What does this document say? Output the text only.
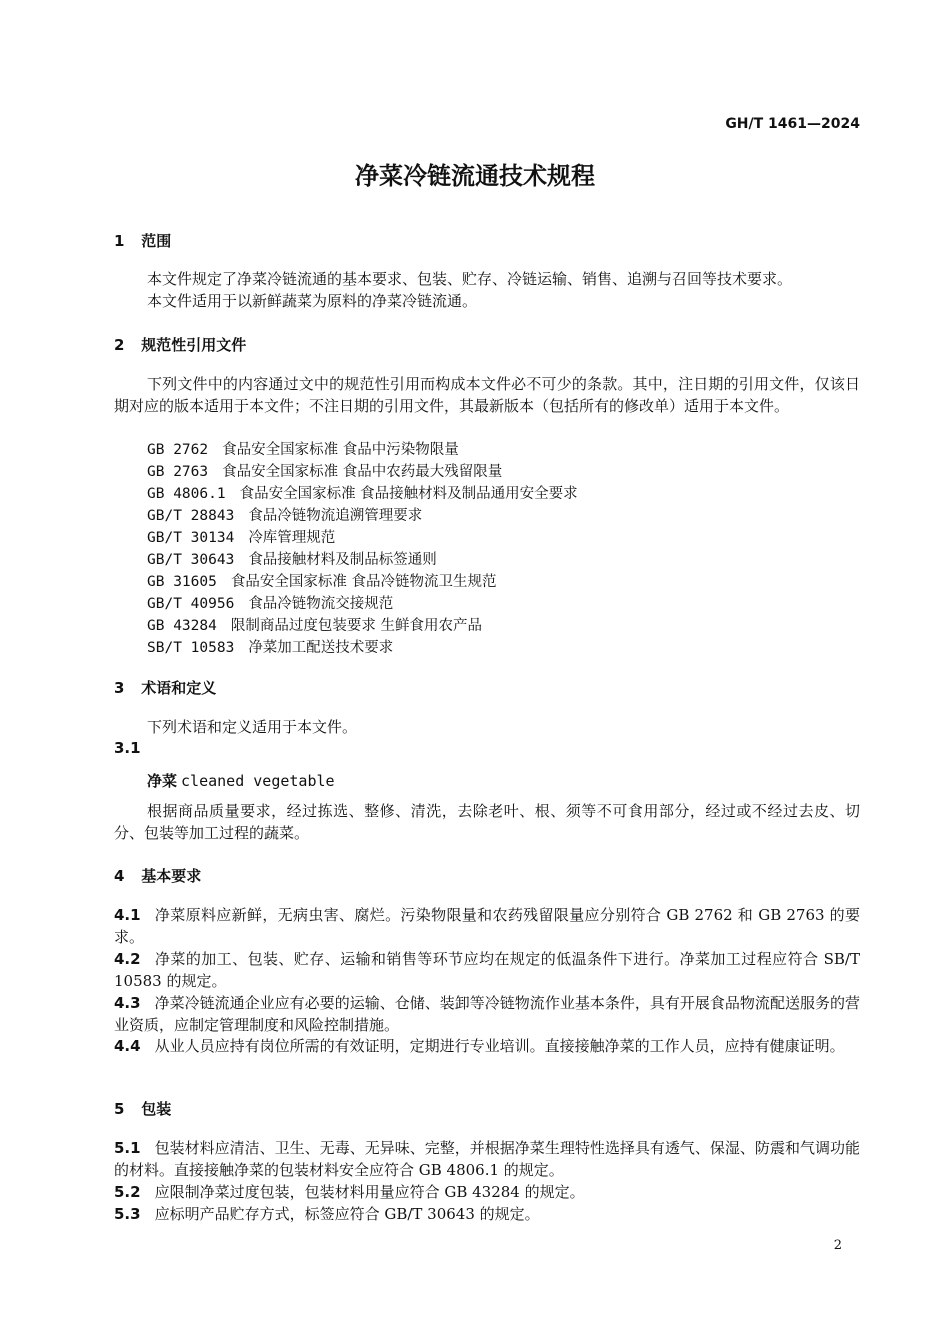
GH/T 1461—2024
净菜冷链流通技术规程
1 范围
本文件规定了净菜冷链流通的基本要求、包装、贮存、冷链运输、销售、追溯与召回等技术要求。
本文件适用于以新鲜蔬菜为原料的净菜冷链流通。
2 规范性引用文件
下列文件中的内容通过文中的规范性引用而构成本文件必不可少的条款。其中，注日期的引用文件，仅该日期对应的版本适用于本文件；不注日期的引用文件，其最新版本（包括所有的修改单）适用于本文件。
GB 2762 食品安全国家标准 食品中污染物限量
GB 2763 食品安全国家标准 食品中农药最大残留限量
GB 4806.1 食品安全国家标准 食品接触材料及制品通用安全要求
GB/T 28843 食品冷链物流追溯管理要求
GB/T 30134 冷库管理规范
GB/T 30643 食品接触材料及制品标签通则
GB 31605 食品安全国家标准 食品冷链物流卫生规范
GB/T 40956 食品冷链物流交接规范
GB 43284 限制商品过度包装要求 生鲜食用农产品
SB/T 10583 净菜加工配送技术要求
3 术语和定义
下列术语和定义适用于本文件。
3.1
净菜 cleaned vegetable
根据商品质量要求，经过拣选、整修、清洗，去除老叶、根、须等不可食用部分，经过或不经过去皮、切分、包装等加工过程的蔬菜。
4 基本要求
4.1 净菜原料应新鲜，无病虫害、腐烂。污染物限量和农药残留限量应分别符合 GB 2762 和 GB 2763 的要求。
4.2 净菜的加工、包装、贮存、运输和销售等环节应均在规定的低温条件下进行。净菜加工过程应符合 SB/T 10583 的规定。
4.3 净菜冷链流通企业应有必要的运输、仓储、装卸等冷链物流作业基本条件，具有开展食品物流配送服务的营业资质，应制定管理制度和风险控制措施。
4.4 从业人员应持有岗位所需的有效证明，定期进行专业培训。直接接触净菜的工作人员，应持有健康证明。
5 包装
5.1 包装材料应清洁、卫生、无毒、无异味、完整，并根据净菜生理特性选择具有透气、保湿、防震和气调功能的材料。直接接触净菜的包装材料安全应符合 GB 4806.1 的规定。
5.2 应限制净菜过度包装，包装材料用量应符合 GB 43284 的规定。
5.3 应标明产品贮存方式，标签应符合 GB/T 30643 的规定。
2
